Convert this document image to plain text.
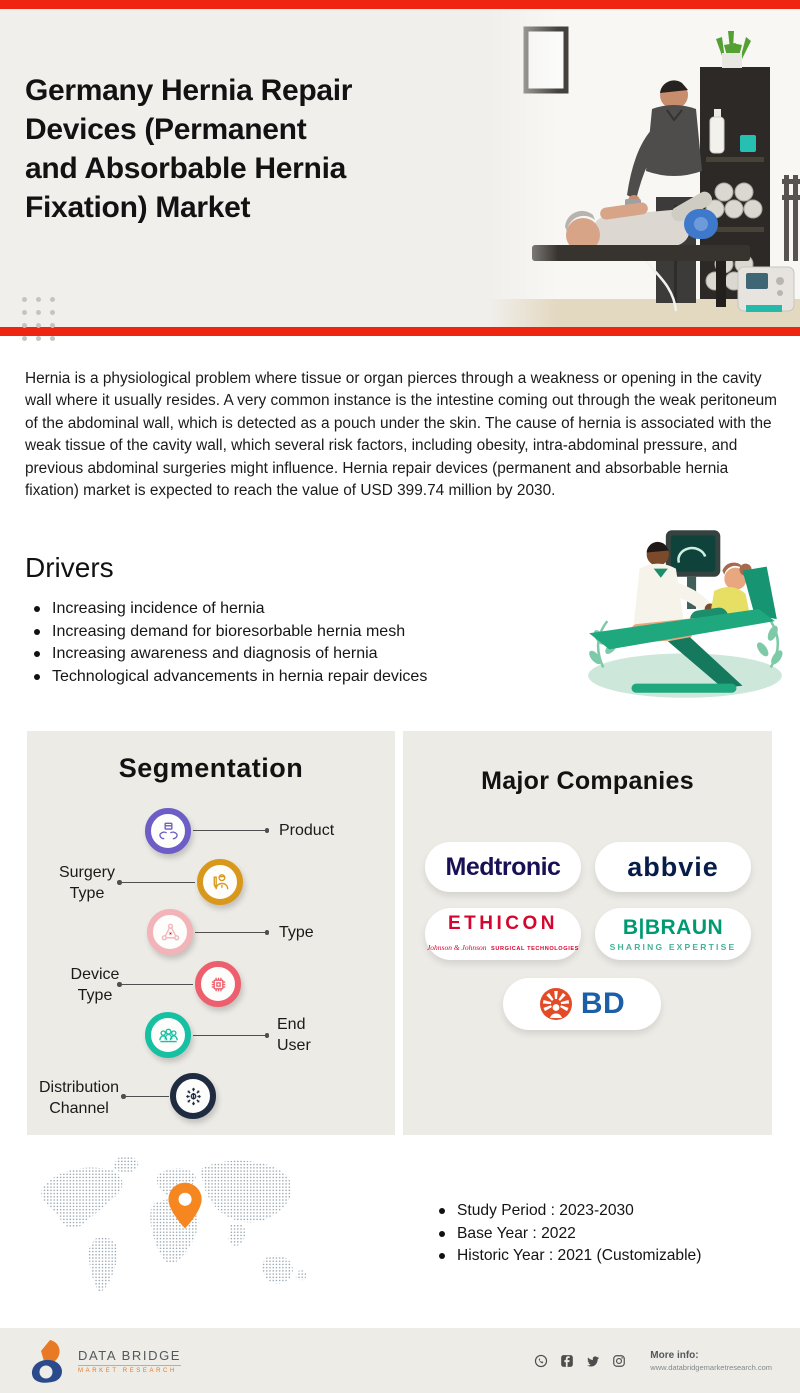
Germany Hernia Repair
Devices (Permanent
and Absorbable Hernia
Fixation) Market

Hernia is a physiological problem where tissue or organ pierces through a weakness or opening in the cavity wall where it usually resides. A very common instance is the intestine coming out through the weak peritoneum of the abdominal wall, which is detected as a pouch under the skin. The cause of hernia is associated with the weak tissue of the cavity wall, which several risk factors, including obesity, intra-abdominal pressure, and previous abdominal surgeries might influence. Hernia repair devices (permanent and absorbable hernia fixation) market is expected to reach the value of USD 399.74 million by 2030.

Drivers
Increasing incidence of hernia
Increasing demand for bioresorbable hernia mesh
Increasing awareness and diagnosis of hernia
Technological advancements in hernia repair devices
Segmentation
Product
Surgery Type
Type
Device Type
End User
Distribution Channel
Major Companies
Medtronic abbvie
ETHICON
Johnson & Johnson SURGICAL TECHNOLOGIES
B|BRAUN
SHARING EXPERTISE
BD
Study Period : 2023-2030
Base Year : 2022
Historic Year : 2021 (Customizable)
DATA BRIDGE
MARKET RESEARCH
More info:
www.databridgemarketresearch.com
